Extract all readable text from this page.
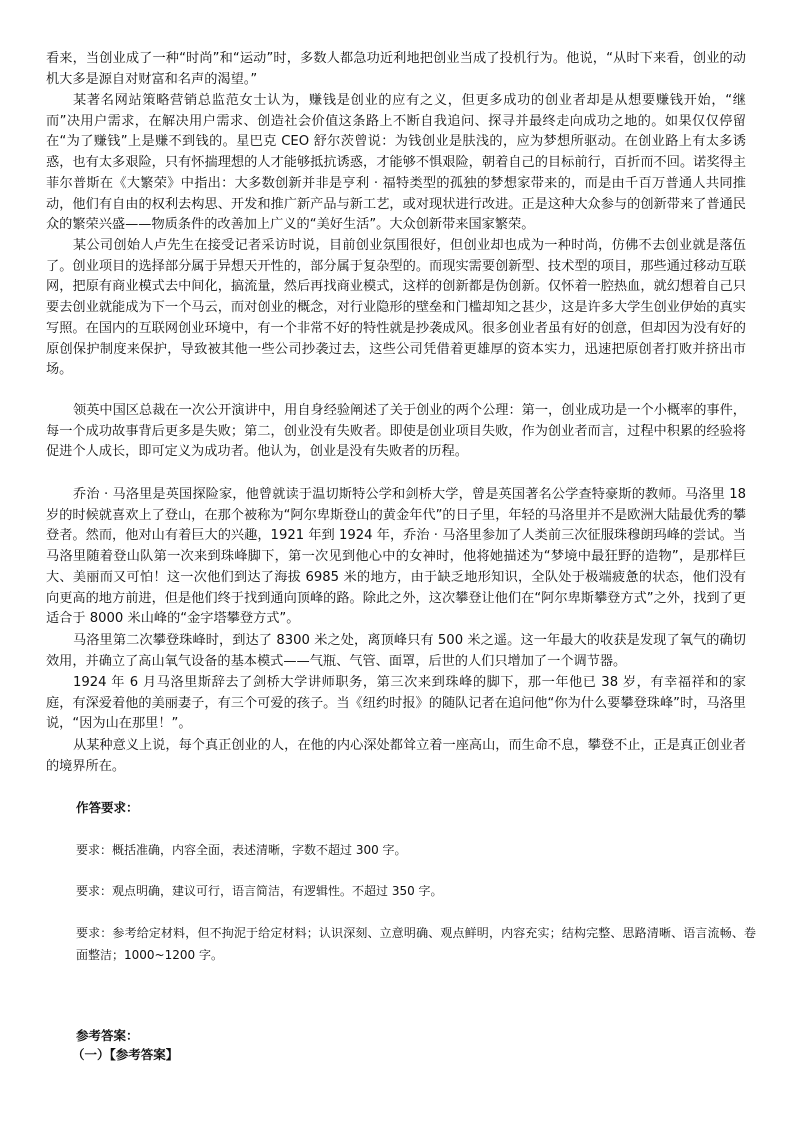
看来，当创业成了一种“时尚”和“运动”时，多数人都急功近利地把创业当成了投机行为。他说，“从时下来看，创业的动机大多是源自对财富和名声的渴望。”

某著名网站策略营销总监范女士认为，赚钱是创业的应有之义，但更多成功的创业者却是从想要赚钱开始，“继而”决用户需求，在解决用户需求、创造社会价值这条路上不断自我追问、探寻并最终走向成功之地的。如果仅仅停留在“为了赚钱”上是赚不到钱的。星巴克 CEO 舒尔茨曾说：为钱创业是肤浅的，应为梦想所驱动。在创业路上有太多诱惑，也有太多艰险，只有怀揣理想的人才能够抵抗诱惑，才能够不惧艰险，朝着自己的目标前行，百折而不回。诺奖得主菲尔普斯在《大繁荣》中指出：大多数创新并非是亨利 · 福特类型的孤独的梦想家带来的，而是由千百万普通人共同推动，他们有自由的权利去构思、开发和推广新产品与新工艺，或对现状进行改进。正是这种大众参与的创新带来了普通民众的繁荣兴盛——物质条件的改善加上广义的“美好生活”。大众创新带来国家繁荣。

某公司创始人卢先生在接受记者采访时说，目前创业氛围很好，但创业却也成为一种时尚，仿佛不去创业就是落伍了。创业项目的选择部分属于异想天开性的，部分属于复杂型的。而现实需要创新型、技术型的项目，那些通过移动互联网，把原有商业模式去中间化，搞流量，然后再找商业模式，这样的创新都是伪创新。仅怀着一腔热血，就幻想着自己只要去创业就能成为下一个马云，而对创业的概念，对行业隐形的壁垒和门槛却知之甚少，这是许多大学生创业伊始的真实写照。在国内的互联网创业环境中，有一个非常不好的特性就是抄袭成风。很多创业者虽有好的创意，但却因为没有好的原创保护制度来保护，导致被其他一些公司抄袭过去，这些公司凭借着更雄厚的资本实力，迅速把原创者打败并挤出市场。

领英中国区总裁在一次公开演讲中，用自身经验阐述了关于创业的两个公理：第一，创业成功是一个小概率的事件，每一个成功故事背后更多是失败；第二，创业没有失败者。即使是创业项目失败，作为创业者而言，过程中积累的经验将促进个人成长，即可定义为成功者。他认为，创业是没有失败者的历程。

乔治 · 马洛里是英国探险家，他曾就读于温切斯特公学和剑桥大学，曾是英国著名公学查特豪斯的教师。马洛里 18 岁的时候就喜欢上了登山，在那个被称为“阿尔卑斯登山的黄金年代”的日子里，年轻的马洛里并不是欧洲大陆最优秀的攀登者。然而，他对山有着巨大的兴趣，1921 年到 1924 年，乔治 · 马洛里参加了人类前三次征服珠穆朗玛峰的尝试。当马洛里随着登山队第一次来到珠峰脚下，第一次见到他心中的女神时，他将她描述为“梦境中最狂野的造物”，是那样巨大、美丽而又可怕！这一次他们到达了海拔 6985 米的地方，由于缺乏地形知识，全队处于极端疲惫的状态，他们没有向更高的地方前进，但是他们终于找到通向顶峰的路。除此之外，这次攀登让他们在“阿尔卑斯攀登方式”之外，找到了更适合于 8000 米山峰的“金字塔攀登方式”。

马洛里第二次攀登珠峰时，到达了 8300 米之处，离顶峰只有 500 米之遥。这一年最大的收获是发现了氧气的确切效用，并确立了高山氧气设备的基本模式——气瓶、气管、面罩，后世的人们只增加了一个调节器。

1924 年 6 月马洛里斯辞去了剑桥大学讲师职务，第三次来到珠峰的脚下，那一年他已 38 岁，有幸福祥和的家庭，有深爱着他的美丽妻子，有三个可爱的孩子。当《纽约时报》的随队记者在追问他“你为什么要攀登珠峰”时，马洛里说，“因为山在那里！”。

从某种意义上说，每个真正创业的人，在他的内心深处都耸立着一座高山，而生命不息，攀登不止，正是真正创业者的境界所在。

作答要求：

要求：概括准确，内容全面，表述清晰，字数不超过 300 字。

要求：观点明确，建议可行，语言简洁，有逻辑性。不超过 350 字。

要求：参考给定材料，但不拘泥于给定材料；认识深刻、立意明确、观点鲜明，内容充实；结构完整、思路清晰、语言流畅、卷面整洁；1000~1200 字。

参考答案：

（一）【参考答案】
